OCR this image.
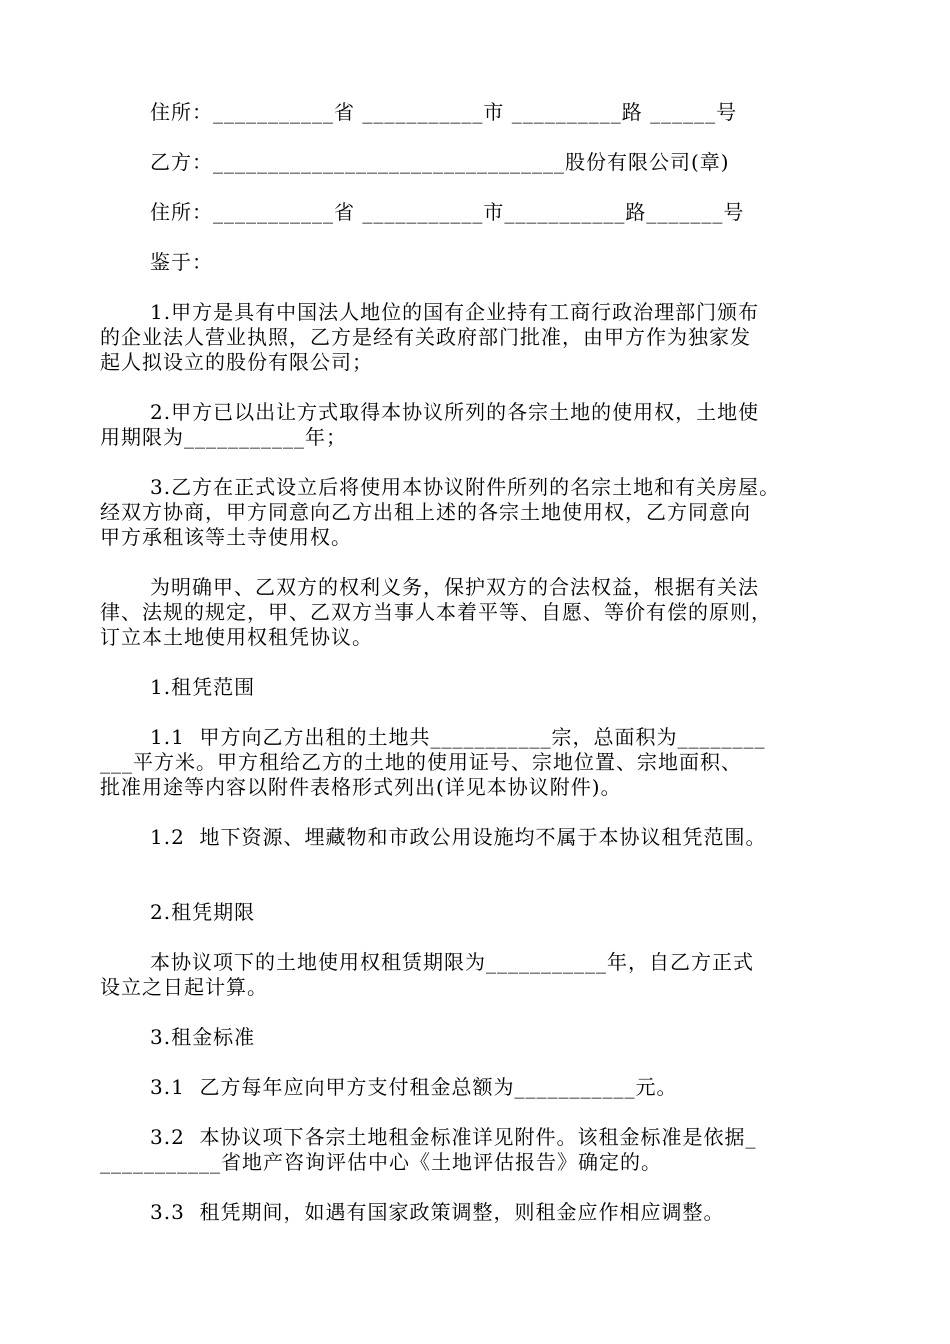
住所：___________省 ___________市 __________路 ______号
乙方：________________________________股份有限公司(章)
住所：___________省 ___________市___________路_______号
鉴于：
1.甲方是具有中国法人地位的国有企业持有工商行政治理部门颁布
的企业法人营业执照，乙方是经有关政府部门批准，由甲方作为独家发
起人拟设立的股份有限公司；
2.甲方已以出让方式取得本协议所列的各宗土地的使用权，土地使
用期限为___________年；
3.乙方在正式设立后将使用本协议附件所列的名宗土地和有关房屋。
经双方协商，甲方同意向乙方出租上述的各宗土地使用权，乙方同意向
甲方承租该等土寺使用权。
为明确甲、乙双方的权利义务，保护双方的合法权益，根据有关法
律、法规的规定，甲、乙双方当事人本着平等、自愿、等价有偿的原则，
订立本土地使用权租凭协议。
1.租凭范围
1.1  甲方向乙方出租的土地共___________宗，总面积为________
___平方米。甲方租给乙方的土地的使用证号、宗地位置、宗地面积、
批准用途等内容以附件表格形式列出(详见本协议附件)。
1.2  地下资源、埋藏物和市政公用设施均不属于本协议租凭范围。
2.租凭期限
本协议项下的土地使用权租赁期限为___________年，自乙方正式
设立之日起计算。
3.租金标准
3.1  乙方每年应向甲方支付租金总额为___________元。
3.2  本协议项下各宗土地租金标准详见附件。该租金标准是依据_
___________省地产咨询评估中心《土地评估报告》确定的。
3.3  租凭期间，如遇有国家政策调整，则租金应作相应调整。
